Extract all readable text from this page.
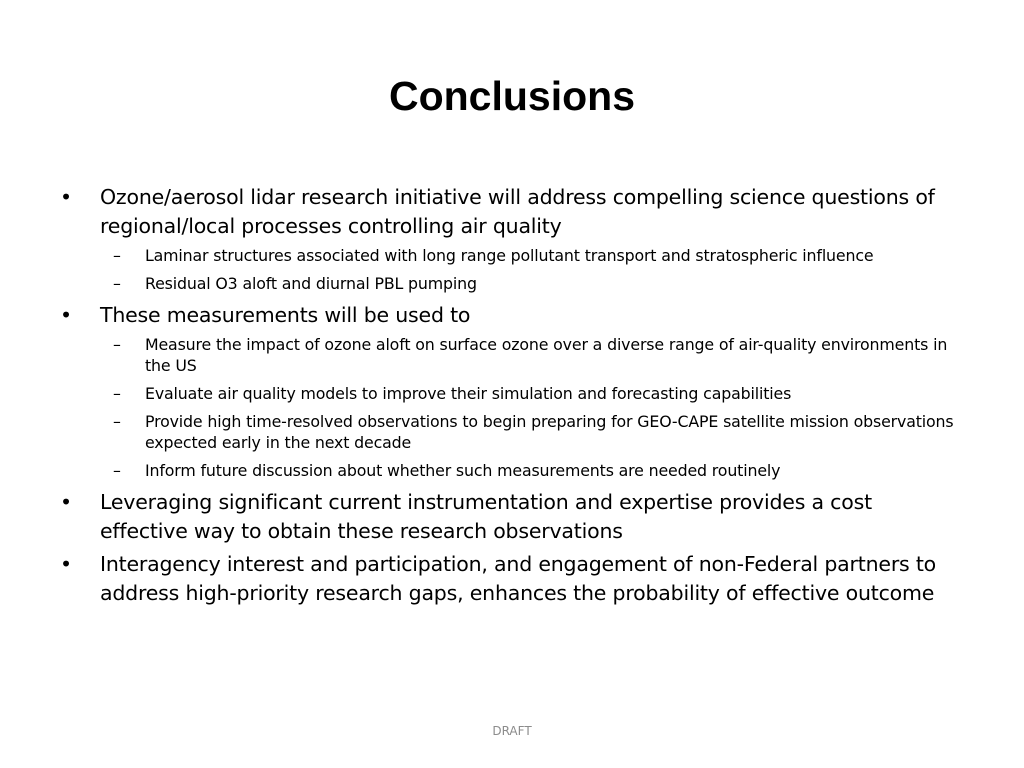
Conclusions
•	Ozone/aerosol lidar research initiative will address compelling science questions of regional/local processes controlling air quality
– Laminar structures associated with long range pollutant transport and stratospheric influence
– Residual O3 aloft and diurnal PBL pumping
•	These measurements will be used to
– Measure the impact of ozone aloft on surface ozone over a diverse range of air-quality environments in the US
– Evaluate air quality models to improve their simulation and forecasting capabilities
– Provide high time-resolved observations to begin preparing for GEO-CAPE satellite mission observations expected early in the next decade
– Inform future discussion about whether such measurements are needed routinely
•	Leveraging significant current instrumentation and expertise provides a cost effective way to obtain these research observations
•	Interagency interest and participation, and engagement of non-Federal partners to address high-priority research gaps, enhances the probability of effective outcome
DRAFT
